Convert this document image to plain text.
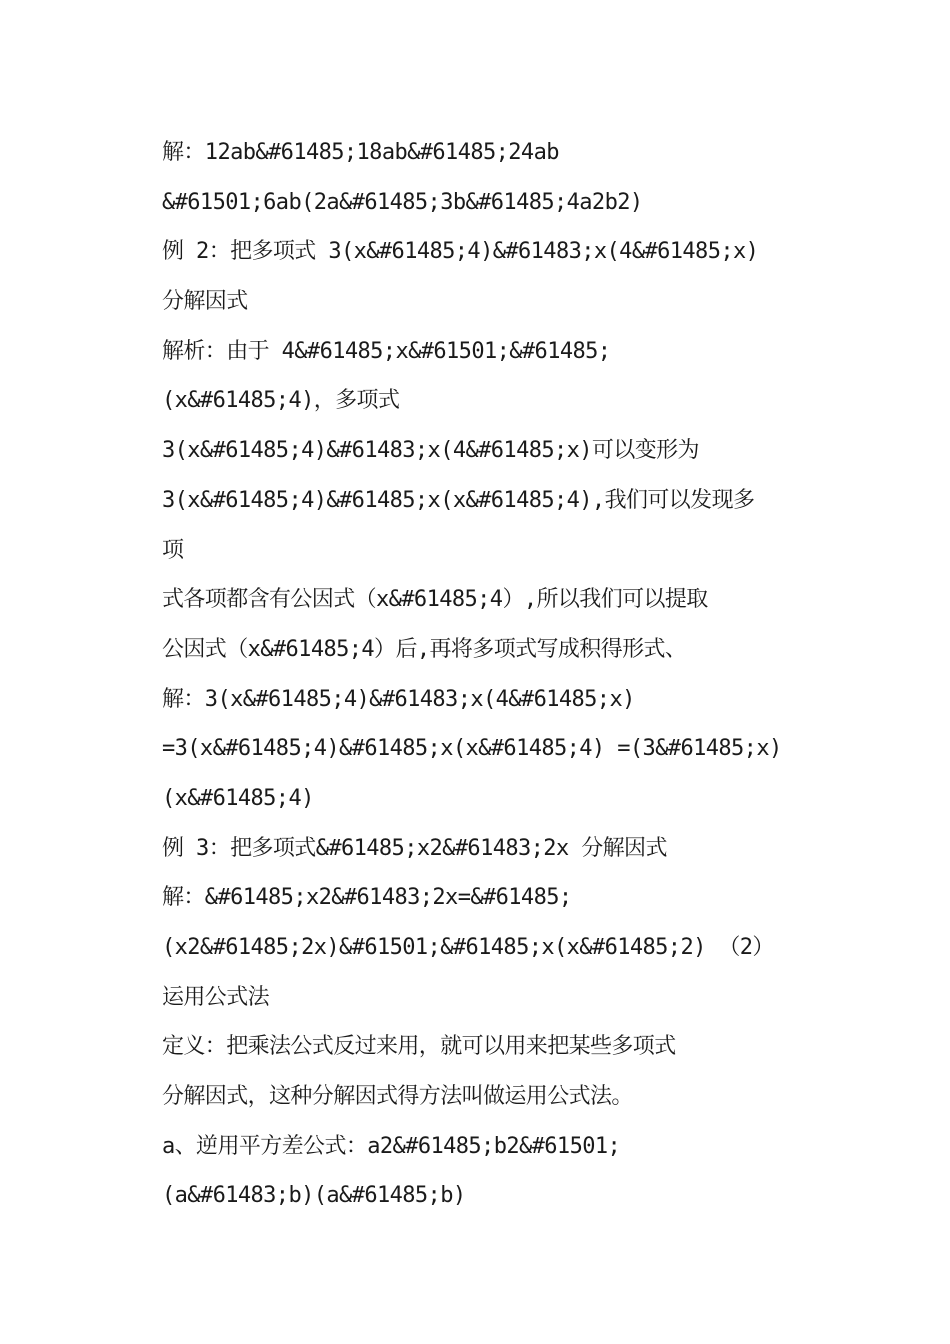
解：12ab&#61485;18ab&#61485;24ab
&#61501;6ab(2a&#61485;3b&#61485;4a2b2)
例 2：把多项式 3(x&#61485;4)&#61483;x(4&#61485;x)
分解因式
解析：由于 4&#61485;x&#61501;&#61485;
(x&#61485;4)，多项式
3(x&#61485;4)&#61483;x(4&#61485;x)可以变形为
3(x&#61485;4)&#61485;x(x&#61485;4),我们可以发现多
项
式各项都含有公因式（x&#61485;4）,所以我们可以提取
公因式（x&#61485;4）后,再将多项式写成积得形式、
解：3(x&#61485;4)&#61483;x(4&#61485;x)
=3(x&#61485;4)&#61485;x(x&#61485;4) =(3&#61485;x)
(x&#61485;4)
例 3：把多项式&#61485;x2&#61483;2x 分解因式
解：&#61485;x2&#61483;2x=&#61485;
(x2&#61485;2x)&#61501;&#61485;x(x&#61485;2) （2）
运用公式法
定义：把乘法公式反过来用，就可以用来把某些多项式
分解因式，这种分解因式得方法叫做运用公式法。
a、逆用平方差公式：a2&#61485;b2&#61501;
(a&#61483;b)(a&#61485;b)
